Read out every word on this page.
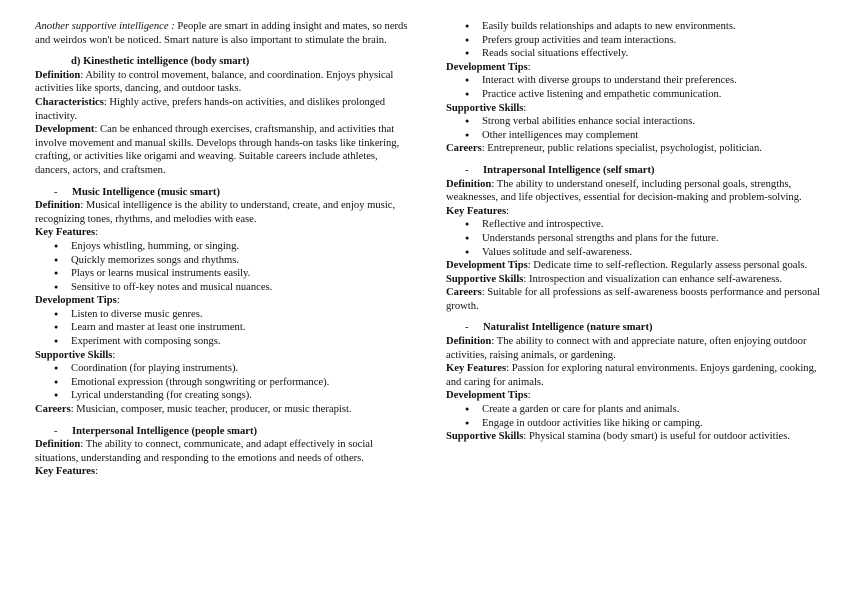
Another supportive intelligence : People are smart in adding insight and mates, so nerds and weirdos won't be noticed. Smart nature is also important to stimulate the brain.

d) Kinesthetic intelligence (body smart)

Definition: Ability to control movement, balance, and coordination. Enjoys physical activities like sports, dancing, and outdoor tasks.

Characteristics: Highly active, prefers hands-on activities, and dislikes prolonged inactivity.

Development: Can be enhanced through exercises, craftsmanship, and activities that involve movement and manual skills. Develops through hands-on tasks like tinkering, crafting, or activities like origami and weaving. Suitable careers include athletes, dancers, actors, and craftsmen.

- Music Intelligence (music smart)

Definition: Musical intelligence is the ability to understand, create, and enjoy music, recognizing tones, rhythms, and melodies with ease.

Key Features:

● Enjoys whistling, humming, or singing.
● Quickly memorizes songs and rhythms.
● Plays or learns musical instruments easily.
● Sensitive to off-key notes and musical nuances.

Development Tips:

● Listen to diverse music genres.
● Learn and master at least one instrument.
● Experiment with composing songs.

Supportive Skills:

● Coordination (for playing instruments).
● Emotional expression (through songwriting or performance).
● Lyrical understanding (for creating songs).

Careers: Musician, composer, music teacher, producer, or music therapist.

- Interpersonal Intelligence (people smart)

Definition: The ability to connect, communicate, and adapt effectively in social situations, understanding and responding to the emotions and needs of others.

Key Features:

● Easily builds relationships and adapts to new environments.
● Prefers group activities and team interactions.
● Reads social situations effectively.

Development Tips:

● Interact with diverse groups to understand their preferences.
● Practice active listening and empathetic communication.

Supportive Skills:

● Strong verbal abilities enhance social interactions.
● Other intelligences may complement

Careers: Entrepreneur, public relations specialist, psychologist, politician.

- Intrapersonal Intelligence (self smart)

Definition: The ability to understand oneself, including personal goals, strengths, weaknesses, and life objectives, essential for decision-making and problem-solving.

Key Features:

● Reflective and introspective.
● Understands personal strengths and plans for the future.
● Values solitude and self-awareness.

Development Tips: Dedicate time to self-reflection. Regularly assess personal goals.

Supportive Skills: Introspection and visualization can enhance self-awareness.

Careers: Suitable for all professions as self-awareness boosts performance and personal growth.

- Naturalist Intelligence (nature smart)

Definition: The ability to connect with and appreciate nature, often enjoying outdoor activities, raising animals, or gardening.

Key Features: Passion for exploring natural environments. Enjoys gardening, cooking, and caring for animals.

Development Tips:

● Create a garden or care for plants and animals.
● Engage in outdoor activities like hiking or camping.

Supportive Skills: Physical stamina (body smart) is useful for outdoor activities.
